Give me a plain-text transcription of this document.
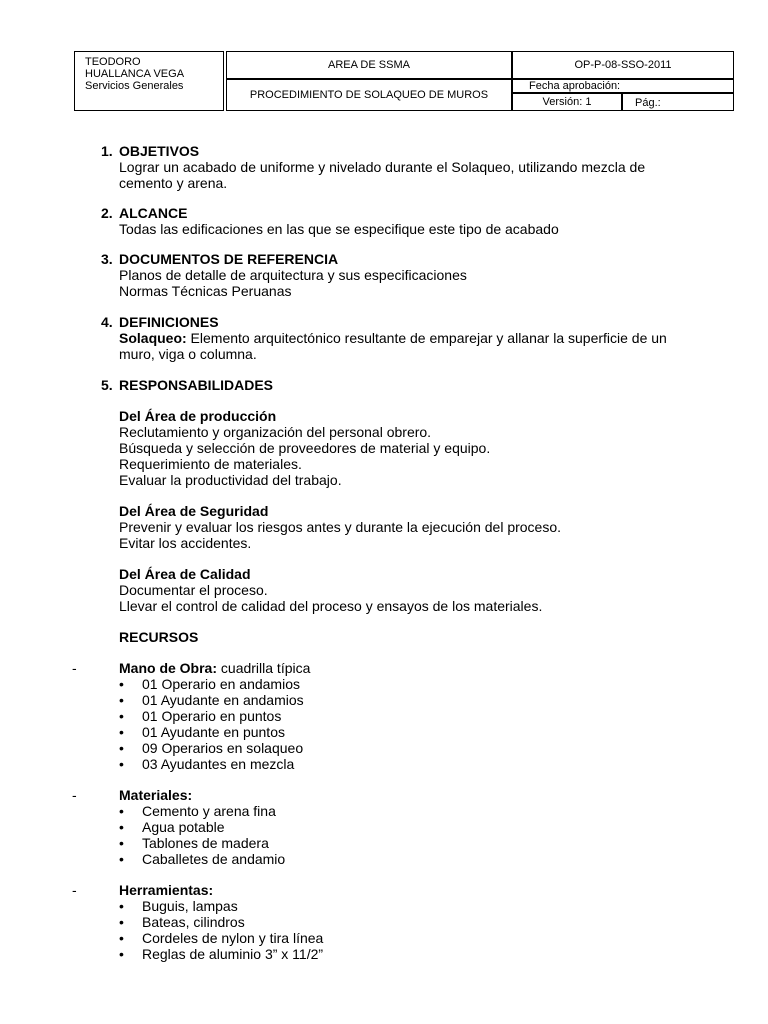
TEODORO
HUALLANCA VEGA
Servicios Generales
AREA DE SSMA	OP-P-08-SSO-2011
PROCEDIMIENTO DE SOLAQUEO DE MUROS
Fecha aprobación:
Versión: 1	Pág.:
1. OBJETIVOS
Lograr un acabado de uniforme y nivelado durante el Solaqueo, utilizando mezcla de
cemento y arena.
2. ALCANCE
Todas las edificaciones en las que se especifique este tipo de acabado
3. DOCUMENTOS DE REFERENCIA
Planos de detalle de arquitectura y sus especificaciones
Normas Técnicas Peruanas
4. DEFINICIONES
Solaqueo: Elemento arquitectónico resultante de emparejar y allanar la superficie de un
muro, viga o columna.
5. RESPONSABILIDADES
Del Área de producción
Reclutamiento y organización del personal obrero.
Búsqueda y selección de proveedores de material y equipo.
Requerimiento de materiales.
Evaluar la productividad del trabajo.
Del Área de Seguridad
Prevenir y evaluar los riesgos antes y durante la ejecución del proceso.
Evitar los accidentes.
Del Área de Calidad
Documentar el proceso.
Llevar el control de calidad del proceso y ensayos de los materiales.
RECURSOS
-	Mano de Obra: cuadrilla típica
• 01 Operario en andamios
• 01 Ayudante en andamios
• 01 Operario en puntos
• 01 Ayudante en puntos
• 09 Operarios en solaqueo
• 03 Ayudantes en mezcla
-	Materiales:
• Cemento y arena fina
• Agua potable
• Tablones de madera
• Caballetes de andamio
-	Herramientas:
• Buguis, lampas
• Bateas, cilindros
• Cordeles de nylon y tira línea
• Reglas de aluminio 3” x 11/2”
